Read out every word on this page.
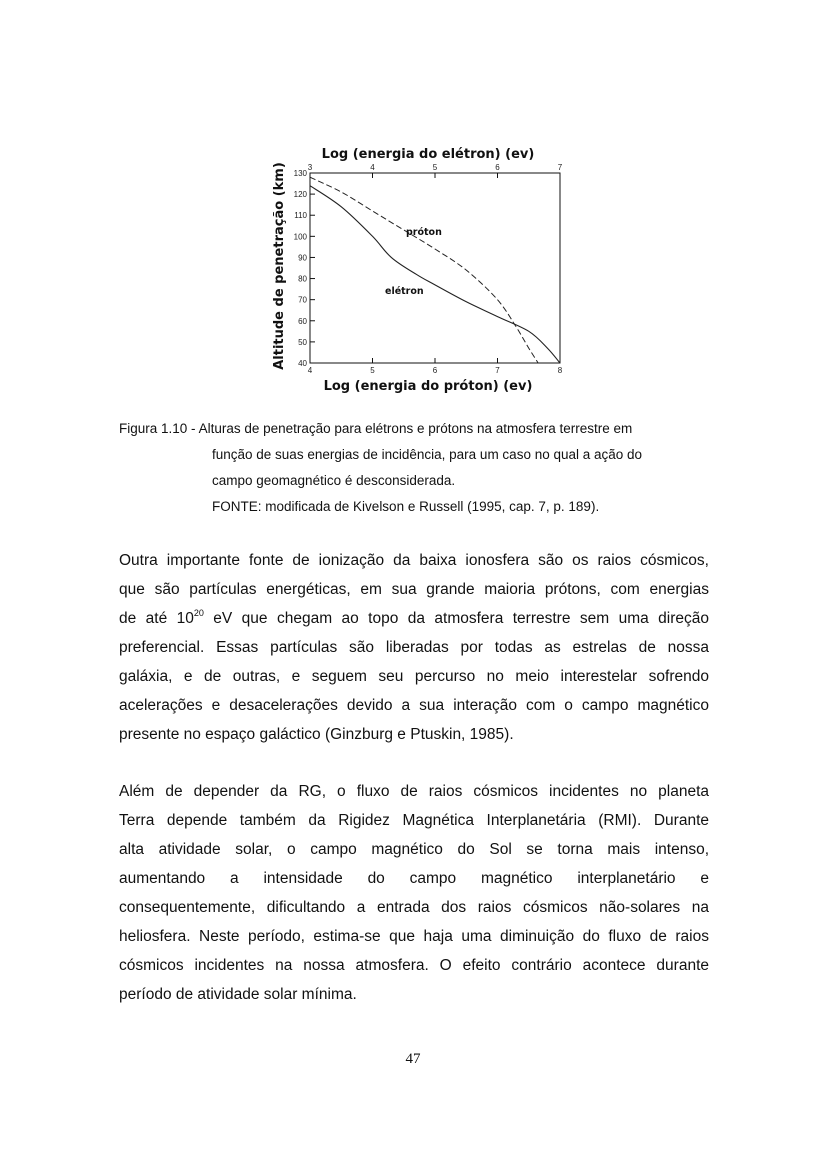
Log (energia do elétron) (ev)
Log (energia do próton) (ev)
Altitude de penetração (km)	3	4	5	6	7
4	5	6	7	8
130
120
110
100
90
80
70
60
50
40
próton
elétron
Figura 1.10 - Alturas de penetração para elétrons e prótons na atmosfera terrestre em
função de suas energias de incidência, para um caso no qual a ação do
campo geomagnético é desconsiderada.
FONTE: modificada de Kivelson e Russell (1995, cap. 7, p. 189).
Outra importante fonte de ionização da baixa ionosfera são os raios cósmicos,
que são partículas energéticas, em sua grande maioria prótons, com energias
de até $10^{20}$ eV que chegam ao topo da atmosfera terrestre sem uma direção
preferencial. Essas partículas são liberadas por todas as estrelas de nossa
galáxia, e de outras, e seguem seu percurso no meio interestelar sofrendo
acelerações e desacelerações devido a sua interação com o campo magnético
presente no espaço galáctico (Ginzburg e Ptuskin, 1985).
Além de depender da RG, o fluxo de raios cósmicos incidentes no planeta
Terra depende também da Rigidez Magnética Interplanetária (RMI). Durante
alta atividade solar, o campo magnético do Sol se torna mais intenso,
aumentando a intensidade do campo magnético interplanetário e
consequentemente, dificultando a entrada dos raios cósmicos não-solares na
heliosfera. Neste período, estima-se que haja uma diminuição do fluxo de raios
cósmicos incidentes na nossa atmosfera. O efeito contrário acontece durante
período de atividade solar mínima.
47
